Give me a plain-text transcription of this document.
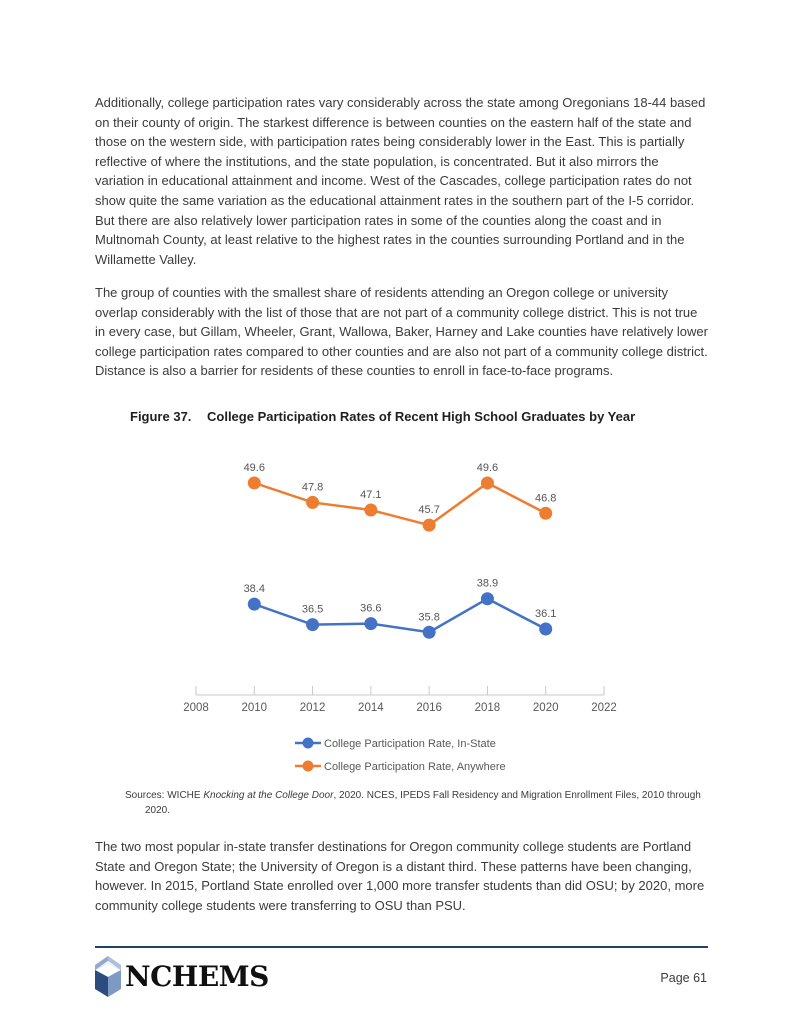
Additionally, college participation rates vary considerably across the state among Oregonians 18-44 based on their county of origin. The starkest difference is between counties on the eastern half of the state and those on the western side, with participation rates being considerably lower in the East. This is partially reflective of where the institutions, and the state population, is concentrated. But it also mirrors the variation in educational attainment and income. West of the Cascades, college participation rates do not show quite the same variation as the educational attainment rates in the southern part of the I-5 corridor. But there are also relatively lower participation rates in some of the counties along the coast and in Multnomah County, at least relative to the highest rates in the counties surrounding Portland and in the Willamette Valley.

The group of counties with the smallest share of residents attending an Oregon college or university overlap considerably with the list of those that are not part of a community college district. This is not true in every case, but Gillam, Wheeler, Grant, Wallowa, Baker, Harney and Lake counties have relatively lower college participation rates compared to other counties and are also not part of a community college district. Distance is also a barrier for residents of these counties to enroll in face-to-face programs.

Figure 37. College Participation Rates of Recent High School Graduates by Year
2008	2010	2012	2014	2016	2018	2020	2022
38.4
36.5	36.6
35.8
38.9
36.1
College Participation Rate, In-State
49.6
47.8
47.1
45.7
49.6
46.8
College Participation Rate, Anywhere

Sources: WICHE Knocking at the College Door, 2020. NCES, IPEDS Fall Residency and Migration Enrollment Files, 2010 through 2020.

The two most popular in-state transfer destinations for Oregon community college students are Portland State and Oregon State; the University of Oregon is a distant third. These patterns have been changing, however. In 2015, Portland State enrolled over 1,000 more transfer students than did OSU; by 2020, more community college students were transferring to OSU than PSU.

NCHEMS	Page 61
